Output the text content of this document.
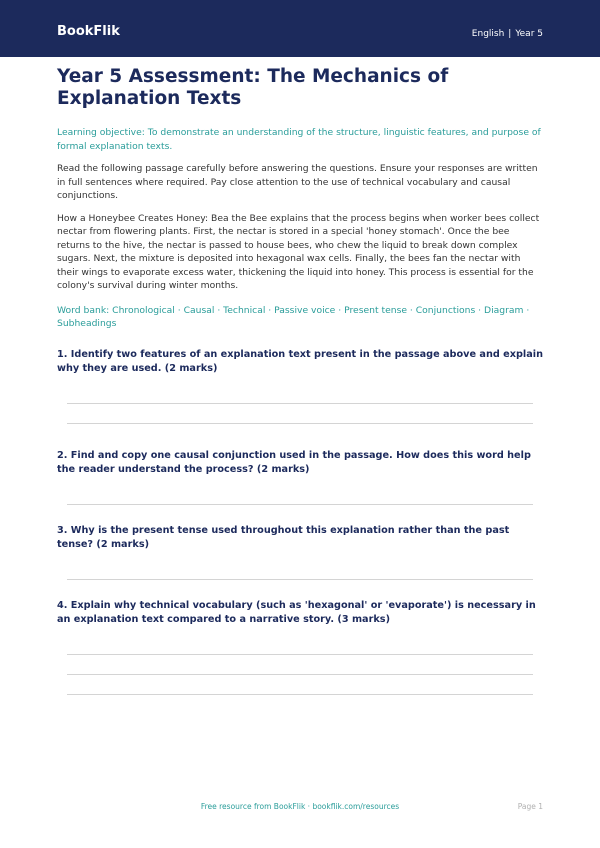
BookFlik	English | Year 5
Year 5 Assessment: The Mechanics of Explanation Texts

Learning objective: To demonstrate an understanding of the structure, linguistic features, and purpose of formal explanation texts.

Read the following passage carefully before answering the questions. Ensure your responses are written in full sentences where required. Pay close attention to the use of technical vocabulary and causal conjunctions.

How a Honeybee Creates Honey: Bea the Bee explains that the process begins when worker bees collect nectar from flowering plants. First, the nectar is stored in a special 'honey stomach'. Once the bee returns to the hive, the nectar is passed to house bees, who chew the liquid to break down complex sugars. Next, the mixture is deposited into hexagonal wax cells. Finally, the bees fan the nectar with their wings to evaporate excess water, thickening the liquid into honey. This process is essential for the colony's survival during winter months.

Word bank: Chronological · Causal · Technical · Passive voice · Present tense · Conjunctions · Diagram · Subheadings

1. Identify two features of an explanation text present in the passage above and explain why they are used. (2 marks)

2. Find and copy one causal conjunction used in the passage. How does this word help the reader understand the process? (2 marks)

3. Why is the present tense used throughout this explanation rather than the past tense? (2 marks)

4. Explain why technical vocabulary (such as 'hexagonal' or 'evaporate') is necessary in an explanation text compared to a narrative story. (3 marks)

Free resource from BookFlik · bookflik.com/resources	Page 1
